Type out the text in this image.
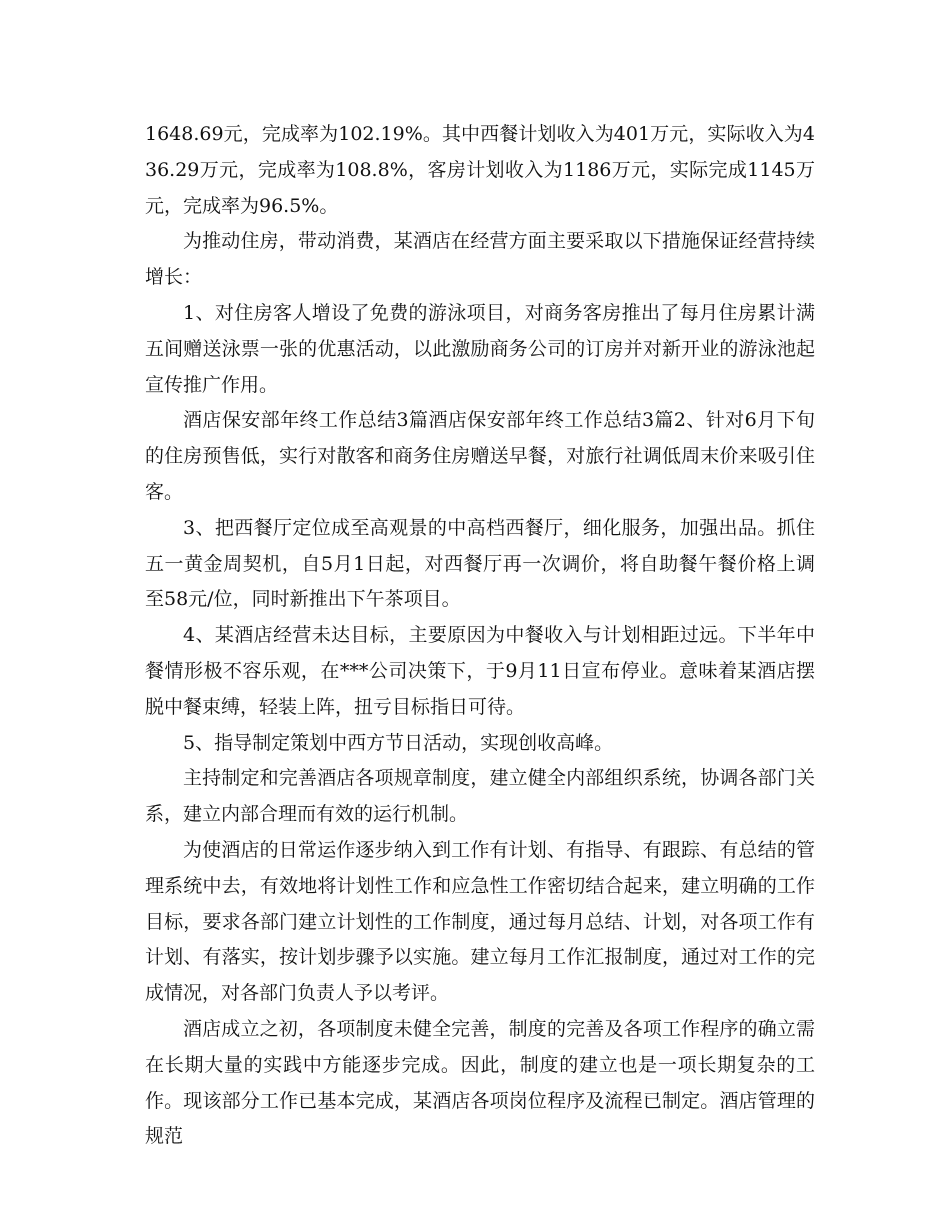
1648.69元，完成率为102.19%。其中西餐计划收入为401万元，实际收入为436.29万元，完成率为108.8%，客房计划收入为1186万元，实际完成1145万元，完成率为96.5%。

为推动住房，带动消费，某酒店在经营方面主要采取以下措施保证经营持续增长：

1、对住房客人增设了免费的游泳项目，对商务客房推出了每月住房累计满五间赠送泳票一张的优惠活动，以此激励商务公司的订房并对新开业的游泳池起宣传推广作用。

酒店保安部年终工作总结3篇酒店保安部年终工作总结3篇2、针对6月下旬的住房预售低，实行对散客和商务住房赠送早餐，对旅行社调低周末价来吸引住客。

3、把西餐厅定位成至高观景的中高档西餐厅，细化服务，加强出品。抓住五一黄金周契机，自5月1日起，对西餐厅再一次调价，将自助餐午餐价格上调至58元/位，同时新推出下午茶项目。

4、某酒店经营未达目标，主要原因为中餐收入与计划相距过远。下半年中餐情形极不容乐观，在***公司决策下，于9月11日宣布停业。意味着某酒店摆脱中餐束缚，轻装上阵，扭亏目标指日可待。

5、指导制定策划中西方节日活动，实现创收高峰。

主持制定和完善酒店各项规章制度，建立健全内部组织系统，协调各部门关系，建立内部合理而有效的运行机制。

为使酒店的日常运作逐步纳入到工作有计划、有指导、有跟踪、有总结的管理系统中去，有效地将计划性工作和应急性工作密切结合起来，建立明确的工作目标，要求各部门建立计划性的工作制度，通过每月总结、计划，对各项工作有计划、有落实，按计划步骤予以实施。建立每月工作汇报制度，通过对工作的完成情况，对各部门负责人予以考评。

酒店成立之初，各项制度未健全完善，制度的完善及各项工作程序的确立需在长期大量的实践中方能逐步完成。因此，制度的建立也是一项长期复杂的工作。现该部分工作已基本完成，某酒店各项岗位程序及流程已制定。酒店管理的规范
